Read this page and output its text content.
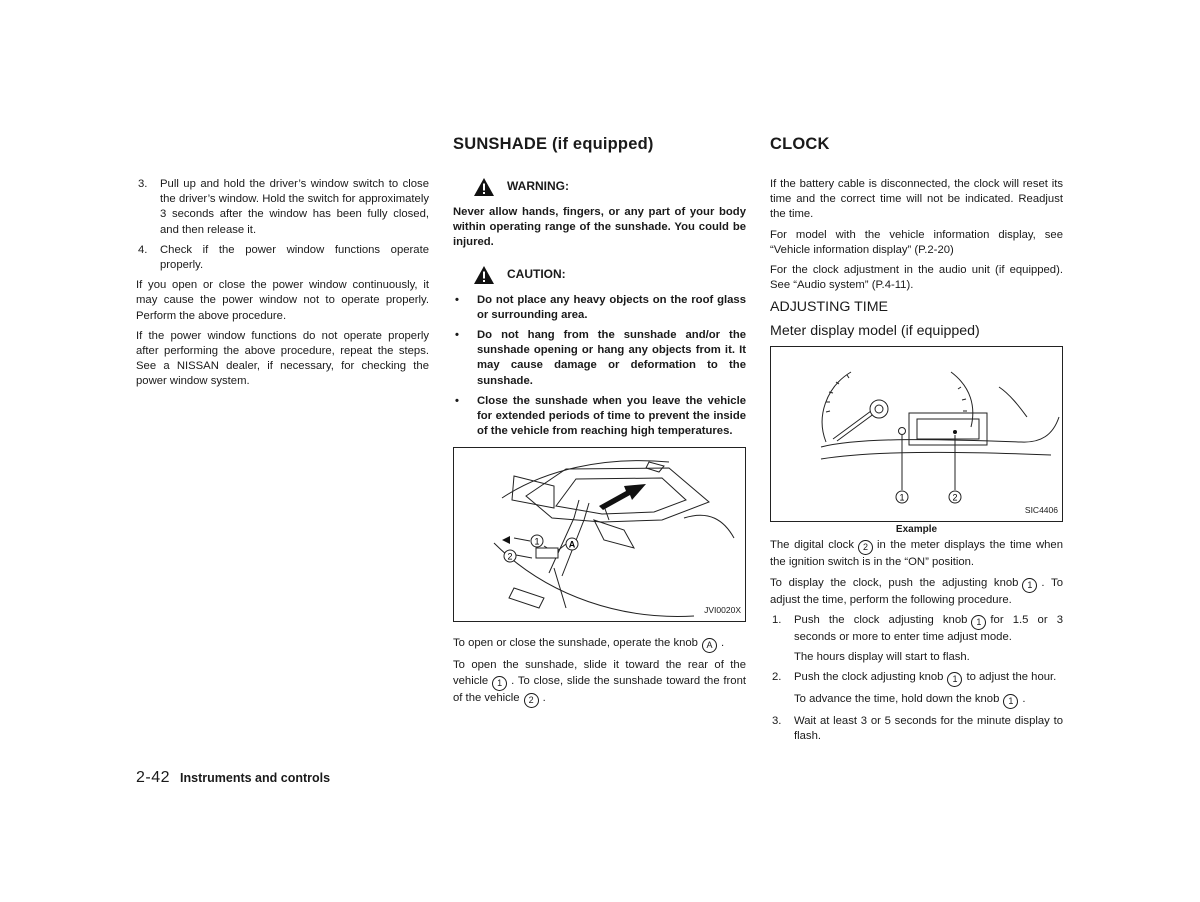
3. Pull up and hold the driver’s window switch to close the driver’s window. Hold the switch for approximately 3 seconds after the window has been fully closed, and then release it.
4. Check if the power window functions operate properly.

If you open or close the power window continuously, it may cause the power window not to operate properly. Perform the above procedure.

If the power window functions do not operate properly after performing the above procedure, repeat the steps. See a NISSAN dealer, if necessary, for checking the power window system.

SUNSHADE (if equipped)
WARNING:

Never allow hands, fingers, or any part of your body within operating range of the sunshade. You could be injured.

CAUTION:
• Do not place any heavy objects on the roof glass or surrounding area.
• Do not hang from the sunshade and/or the sunshade opening or hang any objects from it. It may cause damage or deformation to the sunshade.
• Close the sunshade when you leave the vehicle for extended periods of time to prevent the inside of the vehicle from reaching high temperatures.
1
2
A
JVI0020X

To open or close the sunshade, operate the knob A .

To open the sunshade, slide it toward the rear of the vehicle 1 . To close, slide the sunshade toward the front of the vehicle 2 .

CLOCK

If the battery cable is disconnected, the clock will reset its time and the correct time will not be indicated. Readjust the time.

For model with the vehicle information display, see “Vehicle information display” (P.2-20)

For the clock adjustment in the audio unit (if equipped). See “Audio system” (P.4-11).

ADJUSTING TIME
Meter display model (if equipped)
1	2
SIC4406
Example

The digital clock 2 in the meter displays the time when the ignition switch is in the “ON” position.

To display the clock, push the adjusting knob 1 . To adjust the time, perform the following procedure.

1. Push the clock adjusting knob 1 for 1.5 or 3 seconds or more to enter time adjust mode.

The hours display will start to flash.

2. Push the clock adjusting knob 1 to adjust the hour.

To advance the time, hold down the knob 1 .

3. Wait at least 3 or 5 seconds for the minute display to flash.
2-42 Instruments and controls
